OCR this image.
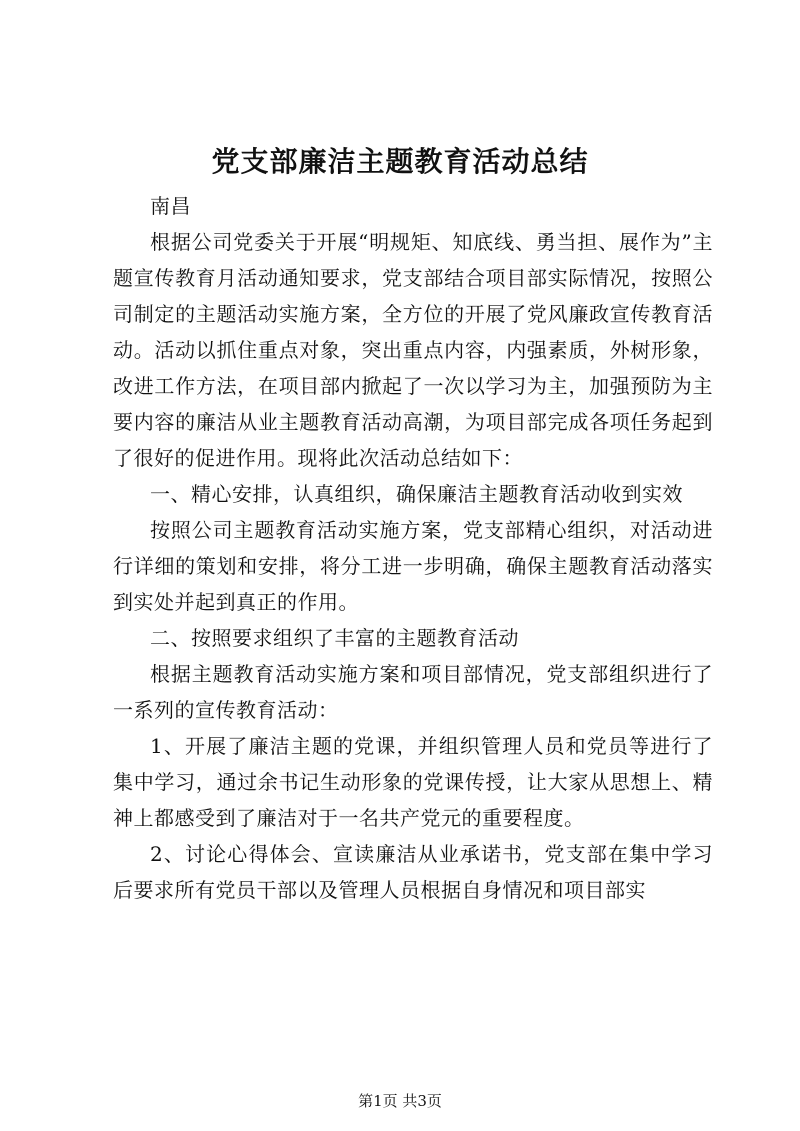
党支部廉洁主题教育活动总结

南昌

根据公司党委关于开展“明规矩、知底线、勇当担、展作为”主题宣传教育月活动通知要求，党支部结合项目部实际情况，按照公司制定的主题活动实施方案，全方位的开展了党风廉政宣传教育活动。活动以抓住重点对象，突出重点内容，内强素质，外树形象，改进工作方法，在项目部内掀起了一次以学习为主，加强预防为主要内容的廉洁从业主题教育活动高潮，为项目部完成各项任务起到了很好的促进作用。现将此次活动总结如下：

一、精心安排，认真组织，确保廉洁主题教育活动收到实效

按照公司主题教育活动实施方案，党支部精心组织，对活动进行详细的策划和安排，将分工进一步明确，确保主题教育活动落实到实处并起到真正的作用。

二、按照要求组织了丰富的主题教育活动

根据主题教育活动实施方案和项目部情况，党支部组织进行了一系列的宣传教育活动：

1、开展了廉洁主题的党课，并组织管理人员和党员等进行了集中学习，通过余书记生动形象的党课传授，让大家从思想上、精神上都感受到了廉洁对于一名共产党元的重要程度。

2、讨论心得体会、宣读廉洁从业承诺书，党支部在集中学习后要求所有党员干部以及管理人员根据自身情况和项目部实

第1页 共3页
